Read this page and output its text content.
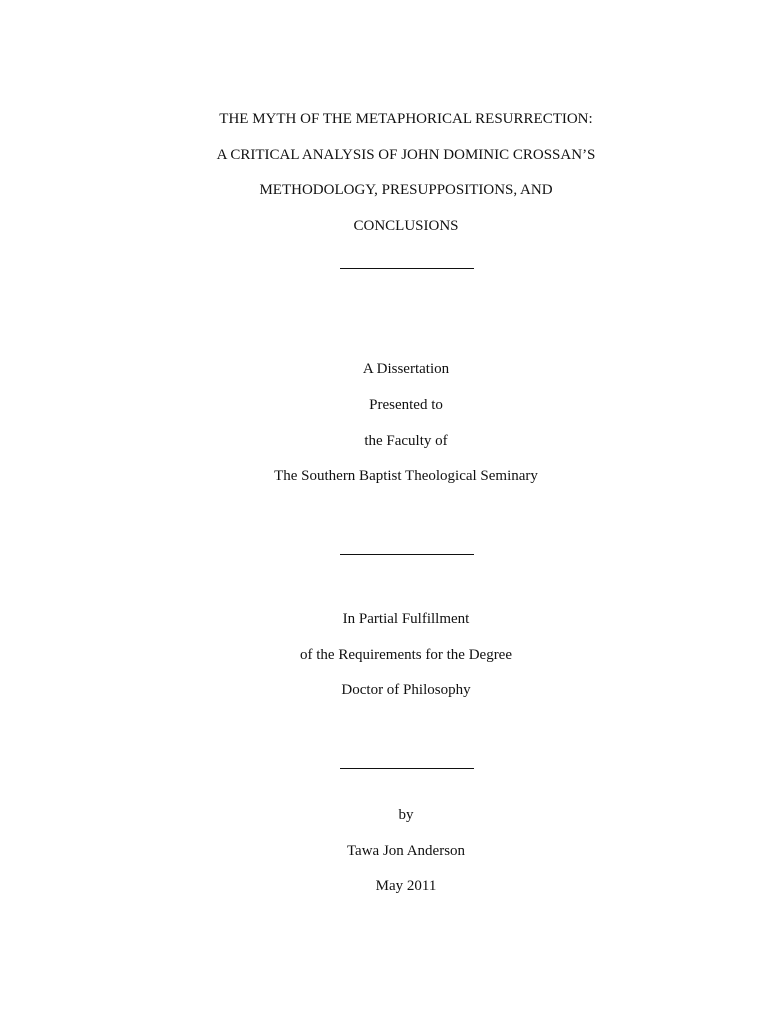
THE MYTH OF THE METAPHORICAL RESURRECTION:
A CRITICAL ANALYSIS OF JOHN DOMINIC CROSSAN’S
METHODOLOGY, PRESUPPOSITIONS, AND
CONCLUSIONS
A Dissertation
Presented to
the Faculty of
The Southern Baptist Theological Seminary
In Partial Fulfillment
of the Requirements for the Degree
Doctor of Philosophy
by
Tawa Jon Anderson
May 2011
